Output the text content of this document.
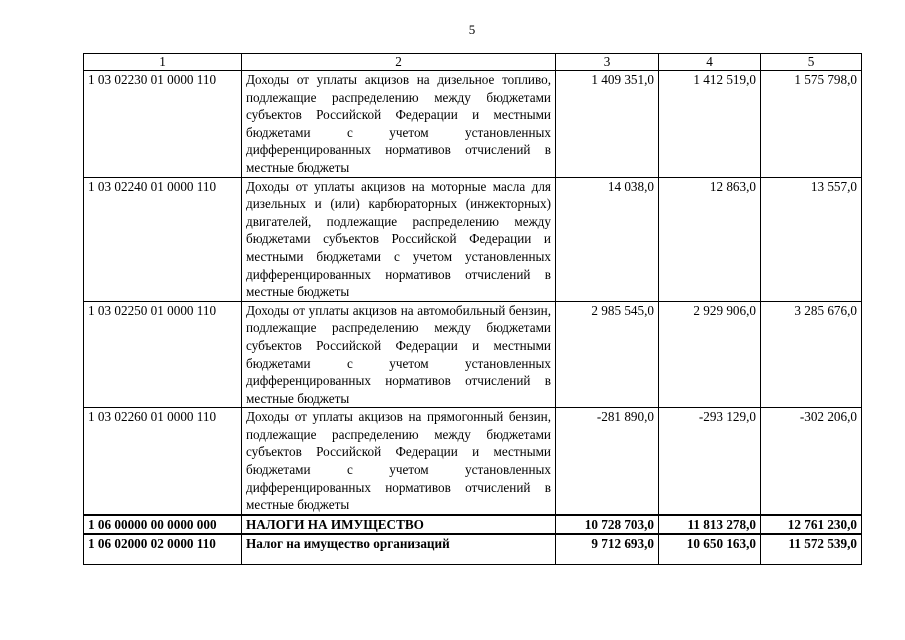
5
1	2	3	4	5
1 03 02230 01 0000 110	Доходы от уплаты акцизов на дизельное топливо, подлежащие распределению между бюджетами субъектов Российской Федерации и местными бюджетами с учетом установленных дифференцированных нормативов отчислений в местные бюджеты	1 409 351,0	1 412 519,0	1 575 798,0
1 03 02240 01 0000 110	Доходы от уплаты акцизов на моторные масла для дизельных и (или) карбюраторных (инжекторных) двигателей, подлежащие распределению между бюджетами субъектов Российской Федерации и местными бюджетами с учетом установленных дифференцированных нормативов отчислений в местные бюджеты	14 038,0	12 863,0	13 557,0
1 03 02250 01 0000 110	Доходы от уплаты акцизов на автомобильный бензин, подлежащие распределению между бюджетами субъектов Российской Федерации и местными бюджетами с учетом установленных дифференцированных нормативов отчислений в местные бюджеты	2 985 545,0	2 929 906,0	3 285 676,0
1 03 02260 01 0000 110	Доходы от уплаты акцизов на прямогонный бензин, подлежащие распределению между бюджетами субъектов Российской Федерации и местными бюджетами с учетом установленных дифференцированных нормативов отчислений в местные бюджеты	-281 890,0	-293 129,0	-302 206,0
1 06 00000 00 0000 000	НАЛОГИ НА ИМУЩЕСТВО	10 728 703,0	11 813 278,0	12 761 230,0
1 06 02000 02 0000 110	Налог на имущество организаций	9 712 693,0	10 650 163,0	11 572 539,0
